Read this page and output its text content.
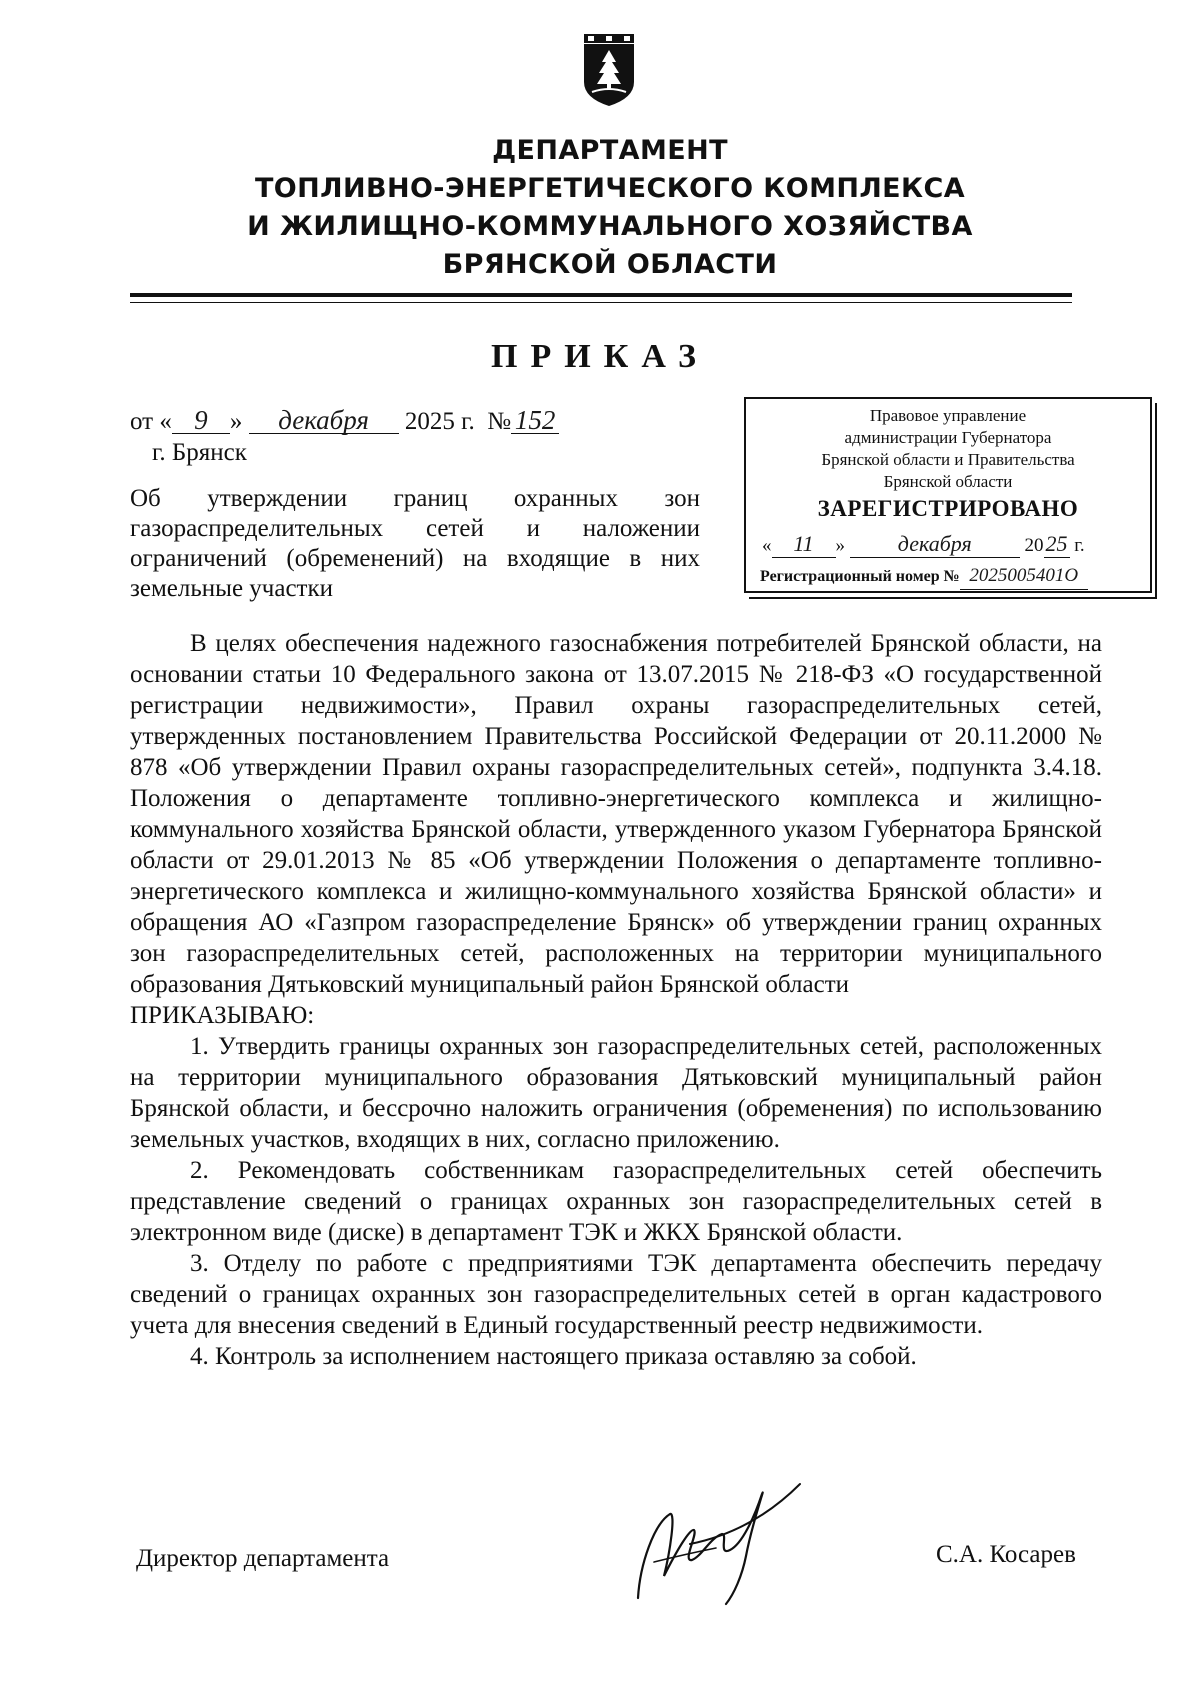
ДЕПАРТАМЕНТ
ТОПЛИВНО-ЭНЕРГЕТИЧЕСКОГО КОМПЛЕКСА
И ЖИЛИЩНО-КОММУНАЛЬНОГО ХОЗЯЙСТВА
БРЯНСКОЙ ОБЛАСТИ
ПРИКАЗ
от « 9 » декабря 2025 г. № 152
г. Брянск
Правовое управление
администрации Губернатора
Брянской области и Правительства
Брянской области
ЗАРЕГИСТРИРОВАНО
« 11 » декабря	2025 г.
Регистрационный номер № 2025005401О
Об утверждении границ охранных зон газораспределительных сетей и наложении ограничений (обременений) на входящие в них земельные участки

В целях обеспечения надежного газоснабжения потребителей Брянской области, на основании статьи 10 Федерального закона от 13.07.2015 № 218-ФЗ «О государственной регистрации недвижимости», Правил охраны газораспределительных сетей, утвержденных постановлением Правительства Российской Федерации от 20.11.2000 № 878 «Об утверждении Правил охраны газораспределительных сетей», подпункта 3.4.18. Положения о департаменте топливно-энергетического комплекса и жилищно-коммунального хозяйства Брянской области, утвержденного указом Губернатора Брянской области от 29.01.2013 № 85 «Об утверждении Положения о департаменте топливно-энергетического комплекса и жилищно-коммунального хозяйства Брянской области» и обращения АО «Газпром газораспределение Брянск» об утверждении границ охранных зон газораспределительных сетей, расположенных на территории муниципального образования Дятьковский муниципальный район Брянской области

ПРИКАЗЫВАЮ:

1. Утвердить границы охранных зон газораспределительных сетей, расположенных на территории муниципального образования Дятьковский муниципальный район Брянской области, и бессрочно наложить ограничения (обременения) по использованию земельных участков, входящих в них, согласно приложению.

2. Рекомендовать собственникам газораспределительных сетей обеспечить представление сведений о границах охранных зон газораспределительных сетей в электронном виде (диске) в департамент ТЭК и ЖКХ Брянской области.

3. Отделу по работе с предприятиями ТЭК департамента обеспечить передачу сведений о границах охранных зон газораспределительных сетей в орган кадастрового учета для внесения сведений в Единый государственный реестр недвижимости.

4. Контроль за исполнением настоящего приказа оставляю за собой.

Директор департамента	С.А. Косарев
